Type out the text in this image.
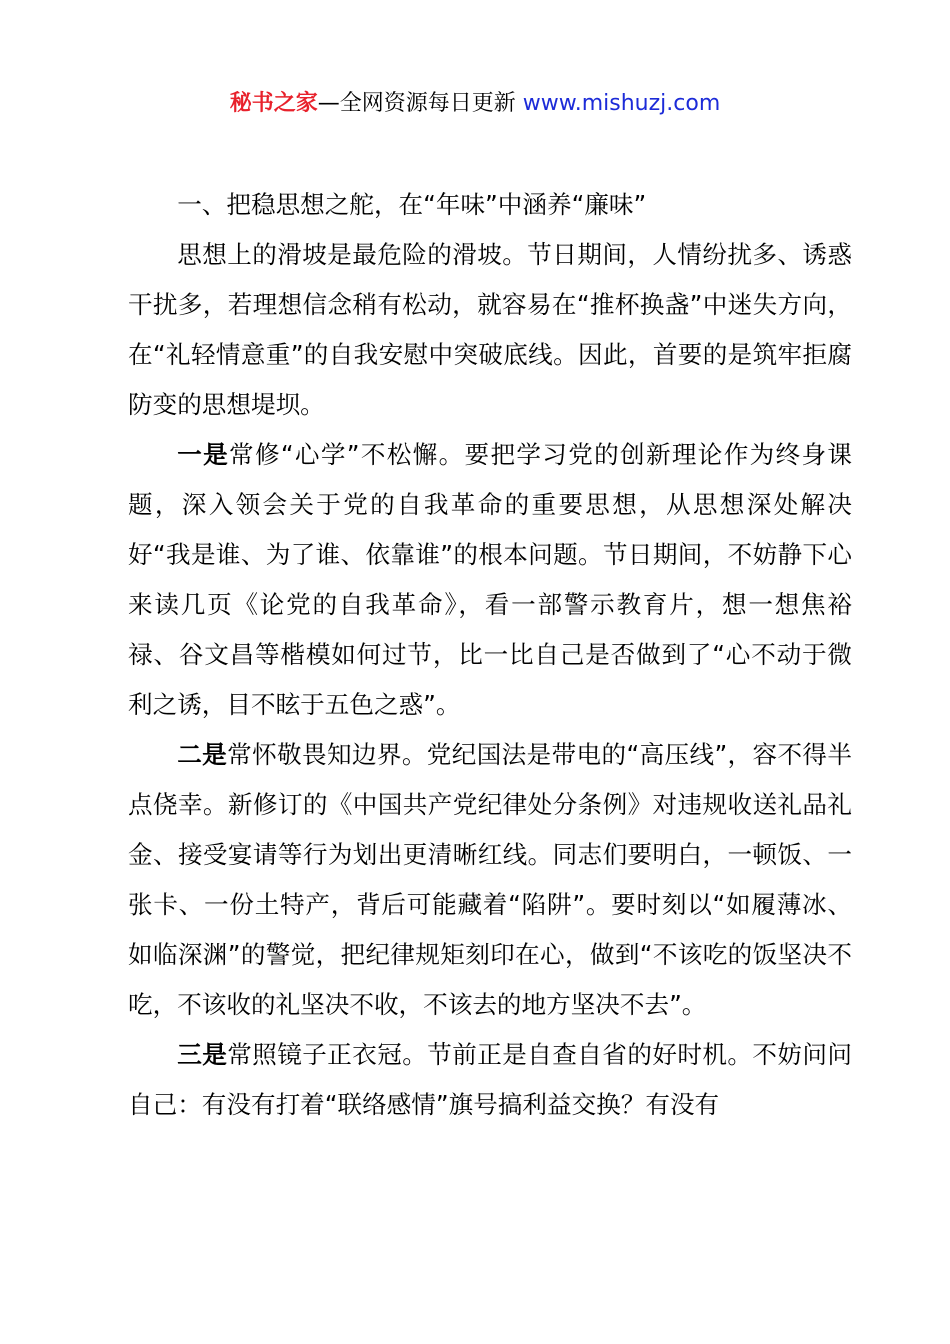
秘书之家—全网资源每日更新 www.mishuzj.com

一、把稳思想之舵，在“年味”中涵养“廉味”

思想上的滑坡是最危险的滑坡。节日期间，人情纷扰多、诱惑干扰多，若理想信念稍有松动，就容易在“推杯换盏”中迷失方向，在“礼轻情意重”的自我安慰中突破底线。因此，首要的是筑牢拒腐防变的思想堤坝。

一是常修“心学”不松懈。要把学习党的创新理论作为终身课题，深入领会关于党的自我革命的重要思想，从思想深处解决好“我是谁、为了谁、依靠谁”的根本问题。节日期间，不妨静下心来读几页《论党的自我革命》，看一部警示教育片，想一想焦裕禄、谷文昌等楷模如何过节，比一比自己是否做到了“心不动于微利之诱，目不眩于五色之惑”。

二是常怀敬畏知边界。党纪国法是带电的“高压线”，容不得半点侥幸。新修订的《中国共产党纪律处分条例》对违规收送礼品礼金、接受宴请等行为划出更清晰红线。同志们要明白，一顿饭、一张卡、一份土特产，背后可能藏着“陷阱”。要时刻以“如履薄冰、如临深渊”的警觉，把纪律规矩刻印在心，做到“不该吃的饭坚决不吃，不该收的礼坚决不收，不该去的地方坚决不去”。

三是常照镜子正衣冠。节前正是自查自省的好时机。不妨问问自己：有没有打着“联络感情”旗号搞利益交换？有没有
